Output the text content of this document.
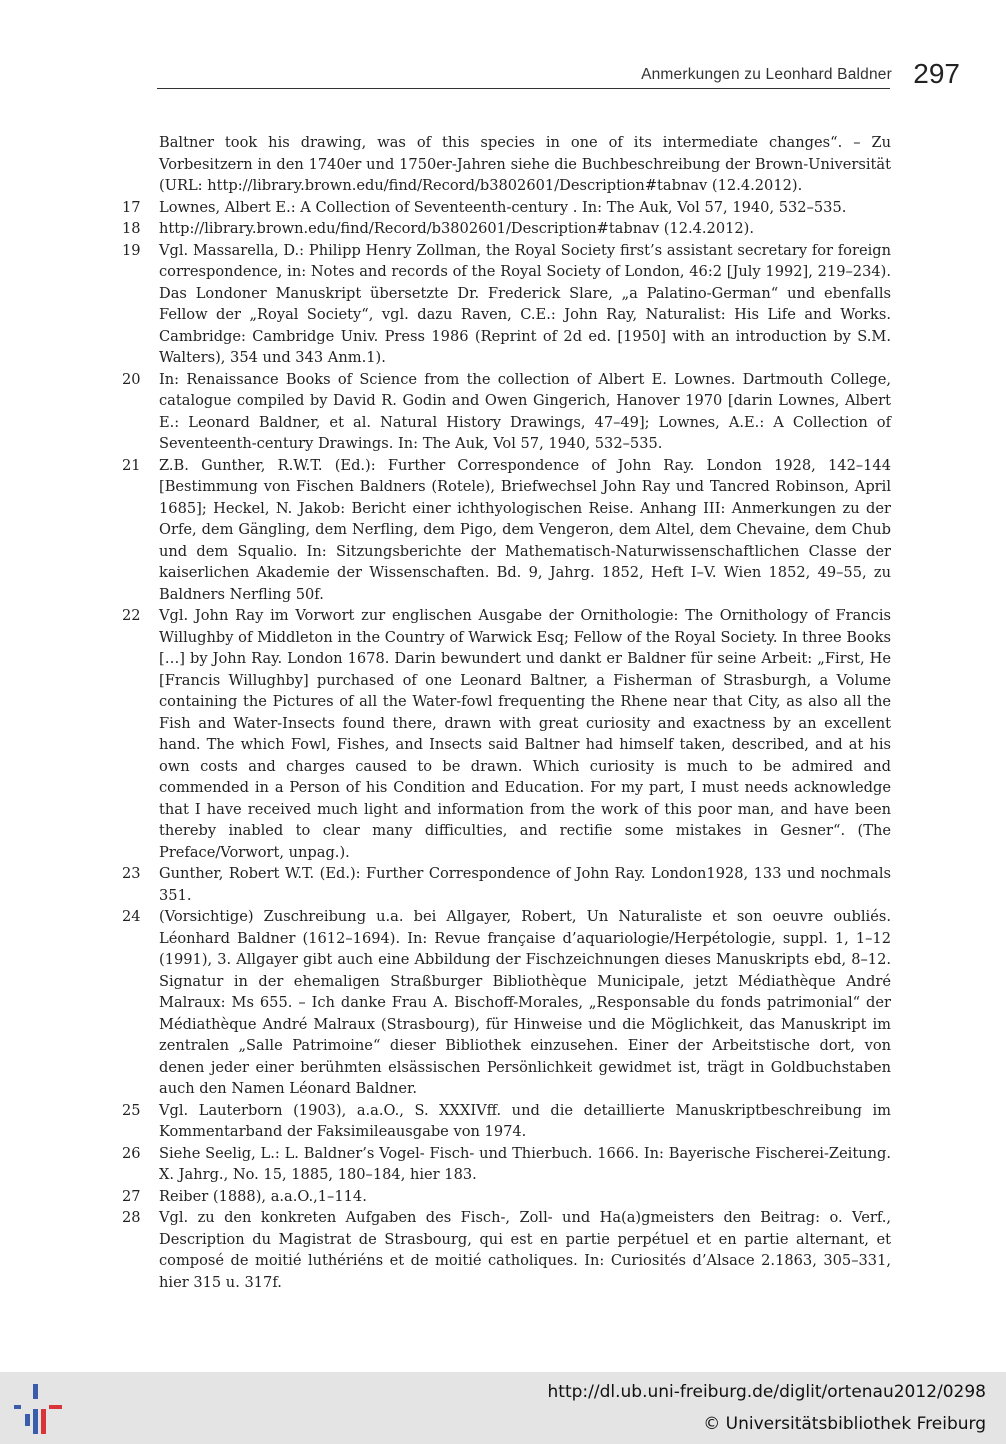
Anmerkungen zu Leonhard Baldner 297
Baltner took his drawing, was of this species in one of its intermediate changes“. – Zu Vorbesitzern in den 1740er und 1750er-Jahren siehe die Buchbeschreibung der Brown-Universität (URL: http://library.brown.edu/find/Record/b3802601/Description#tabnav (12.4.2012).
17	Lownes, Albert E.: A Collection of Seventeenth-century . In: The Auk, Vol 57, 1940, 532–535.
18	http://library.brown.edu/find/Record/b3802601/Description#tabnav (12.4.2012).
19	Vgl. Massarella, D.: Philipp Henry Zollman, the Royal Society first’s assistant secretary for foreign correspondence, in: Notes and records of the Royal Society of London, 46:2 [July 1992], 219–234). Das Londoner Manuskript übersetzte Dr. Frederick Slare, „a Palatino-German“ und ebenfalls Fellow der „Royal Society“, vgl. dazu Raven, C.E.: John Ray, Naturalist: His Life and Works. Cambridge: Cambridge Univ. Press 1986 (Reprint of 2d ed. [1950] with an introduction by S.M. Walters), 354 und 343 Anm.1).
20	In: Renaissance Books of Science from the collection of Albert E. Lownes. Dartmouth College, catalogue compiled by David R. Godin and Owen Gingerich, Hanover 1970 [darin Lownes, Albert E.: Leonard Baldner, et al. Natural History Drawings, 47–49]; Lownes, A.E.: A Collection of Seventeenth-century Drawings. In: The Auk, Vol 57, 1940, 532–535.
21	Z.B. Gunther, R.W.T. (Ed.): Further Correspondence of John Ray. London 1928, 142–144 [Bestimmung von Fischen Baldners (Rotele), Briefwechsel John Ray und Tancred Robinson, April 1685]; Heckel, N. Jakob: Bericht einer ichthyologischen Reise. Anhang III: Anmerkungen zu der Orfe, dem Gängling, dem Nerfling, dem Pigo, dem Vengeron, dem Altel, dem Chevaine, dem Chub und dem Squalio. In: Sitzungsberichte der Mathematisch-Naturwissenschaftlichen Classe der kaiserlichen Akademie der Wissenschaften. Bd. 9, Jahrg. 1852, Heft I–V. Wien 1852, 49–55, zu Baldners Nerfling 50f.
22	Vgl. John Ray im Vorwort zur englischen Ausgabe der Ornithologie: The Ornithology of Francis Willughby of Middleton in the Country of Warwick Esq; Fellow of the Royal Society. In three Books […] by John Ray. London 1678. Darin bewundert und dankt er Baldner für seine Arbeit: „First, He [Francis Willughby] purchased of one Leonard Baltner, a Fisherman of Strasburgh, a Volume containing the Pictures of all the Water-fowl frequenting the Rhene near that City, as also all the Fish and Water-Insects found there, drawn with great curiosity and exactness by an excellent hand. The which Fowl, Fishes, and Insects said Baltner had himself taken, described, and at his own costs and charges caused to be drawn. Which curiosity is much to be admired and commended in a Person of his Condition and Education. For my part, I must needs acknowledge that I have received much light and information from the work of this poor man, and have been thereby inabled to clear many difficulties, and rectifie some mistakes in Gesner“. (The Preface/Vorwort, unpag.).
23	Gunther, Robert W.T. (Ed.): Further Correspondence of John Ray. London1928, 133 und nochmals 351.
24	(Vorsichtige) Zuschreibung u.a. bei Allgayer, Robert, Un Naturaliste et son oeuvre oubliés. Léonhard Baldner (1612–1694). In: Revue française d’aquariologie/Herpétologie, suppl. 1, 1–12 (1991), 3. Allgayer gibt auch eine Abbildung der Fischzeichnungen dieses Manuskripts ebd, 8–12. Signatur in der ehemaligen Straßburger Bibliothèque Municipale, jetzt Médiathèque André Malraux: Ms 655. – Ich danke Frau A. Bischoff-Morales, „Responsable du fonds patrimonial“ der Médiathèque André Malraux (Strasbourg), für Hinweise und die Möglichkeit, das Manuskript im zentralen „Salle Patrimoine“ dieser Bibliothek einzusehen. Einer der Arbeitstische dort, von denen jeder einer berühmten elsässischen Persönlichkeit gewidmet ist, trägt in Goldbuchstaben auch den Namen Léonard Baldner.
25	Vgl. Lauterborn (1903), a.a.O., S. XXXIVff. und die detaillierte Manuskriptbeschreibung im Kommentarband der Faksimileausgabe von 1974.
26	Siehe Seelig, L.: L. Baldner’s Vogel- Fisch- und Thierbuch. 1666. In: Bayerische Fischerei-Zeitung. X. Jahrg., No. 15, 1885, 180–184, hier 183.
27	Reiber (1888), a.a.O.,1–114.
28	Vgl. zu den konkreten Aufgaben des Fisch-, Zoll- und Ha(a)gmeisters den Beitrag: o. Verf., Description du Magistrat de Strasbourg, qui est en partie perpétuel et en partie alternant, et composé de moitié luthériéns et de moitié catholiques. In: Curiosités d’Alsace 2.1863, 305–331, hier 315 u. 317f.
http://dl.ub.uni-freiburg.de/diglit/ortenau2012/0298
© Universitätsbibliothek Freiburg
